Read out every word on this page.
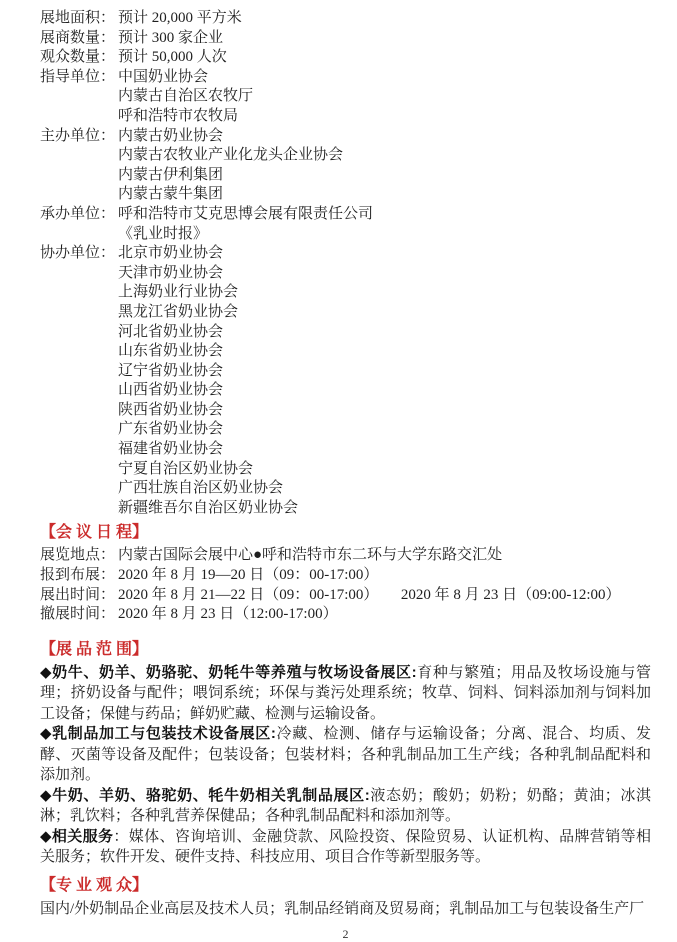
展地面积： 预计 20,000 平方米
展商数量： 预计 300 家企业
观众数量： 预计 50,000 人次
指导单位： 中国奶业协会
内蒙古自治区农牧厅
呼和浩特市农牧局
主办单位： 内蒙古奶业协会
内蒙古农牧业产业化龙头企业协会
内蒙古伊利集团
内蒙古蒙牛集团
承办单位： 呼和浩特市艾克思博会展有限责任公司
《乳业时报》
协办单位： 北京市奶业协会
天津市奶业协会
上海奶业行业协会
黑龙江省奶业协会
河北省奶业协会
山东省奶业协会
辽宁省奶业协会
山西省奶业协会
陕西省奶业协会
广东省奶业协会
福建省奶业协会
宁夏自治区奶业协会
广西壮族自治区奶业协会
新疆维吾尔自治区奶业协会
【会 议 日 程】
展览地点： 内蒙古国际会展中心●呼和浩特市东二环与大学东路交汇处
报到布展： 2020 年 8 月 19—20 日（09：00-17:00）
展出时间： 2020 年 8 月 21—22 日（09：00-17:00）　　2020 年 8 月 23 日（09:00-12:00）
撤展时间： 2020 年 8 月 23 日（12:00-17:00）
【展 品 范 围】

◆奶牛、奶羊、奶骆驼、奶牦牛等养殖与牧场设备展区:育种与繁殖；用品及牧场设施与管理；挤奶设备与配件；喂饲系统；环保与粪污处理系统；牧草、饲料、饲料添加剂与饲料加工设备；保健与药品；鲜奶贮藏、检测与运输设备。

◆乳制品加工与包装技术设备展区:冷藏、检测、储存与运输设备；分离、混合、均质、发酵、灭菌等设备及配件；包装设备；包装材料；各种乳制品加工生产线；各种乳制品配料和添加剂。

◆牛奶、羊奶、骆驼奶、牦牛奶相关乳制品展区:液态奶；酸奶；奶粉；奶酪；黄油；冰淇淋；乳饮料；各种乳营养保健品；各种乳制品配料和添加剂等。

◆相关服务：媒体、咨询培训、金融贷款、风险投资、保险贸易、认证机构、品牌营销等相关服务；软件开发、硬件支持、科技应用、项目合作等新型服务等。

【专 业 观 众】

国内/外奶制品企业高层及技术人员；乳制品经销商及贸易商；乳制品加工与包装设备生产厂

2
